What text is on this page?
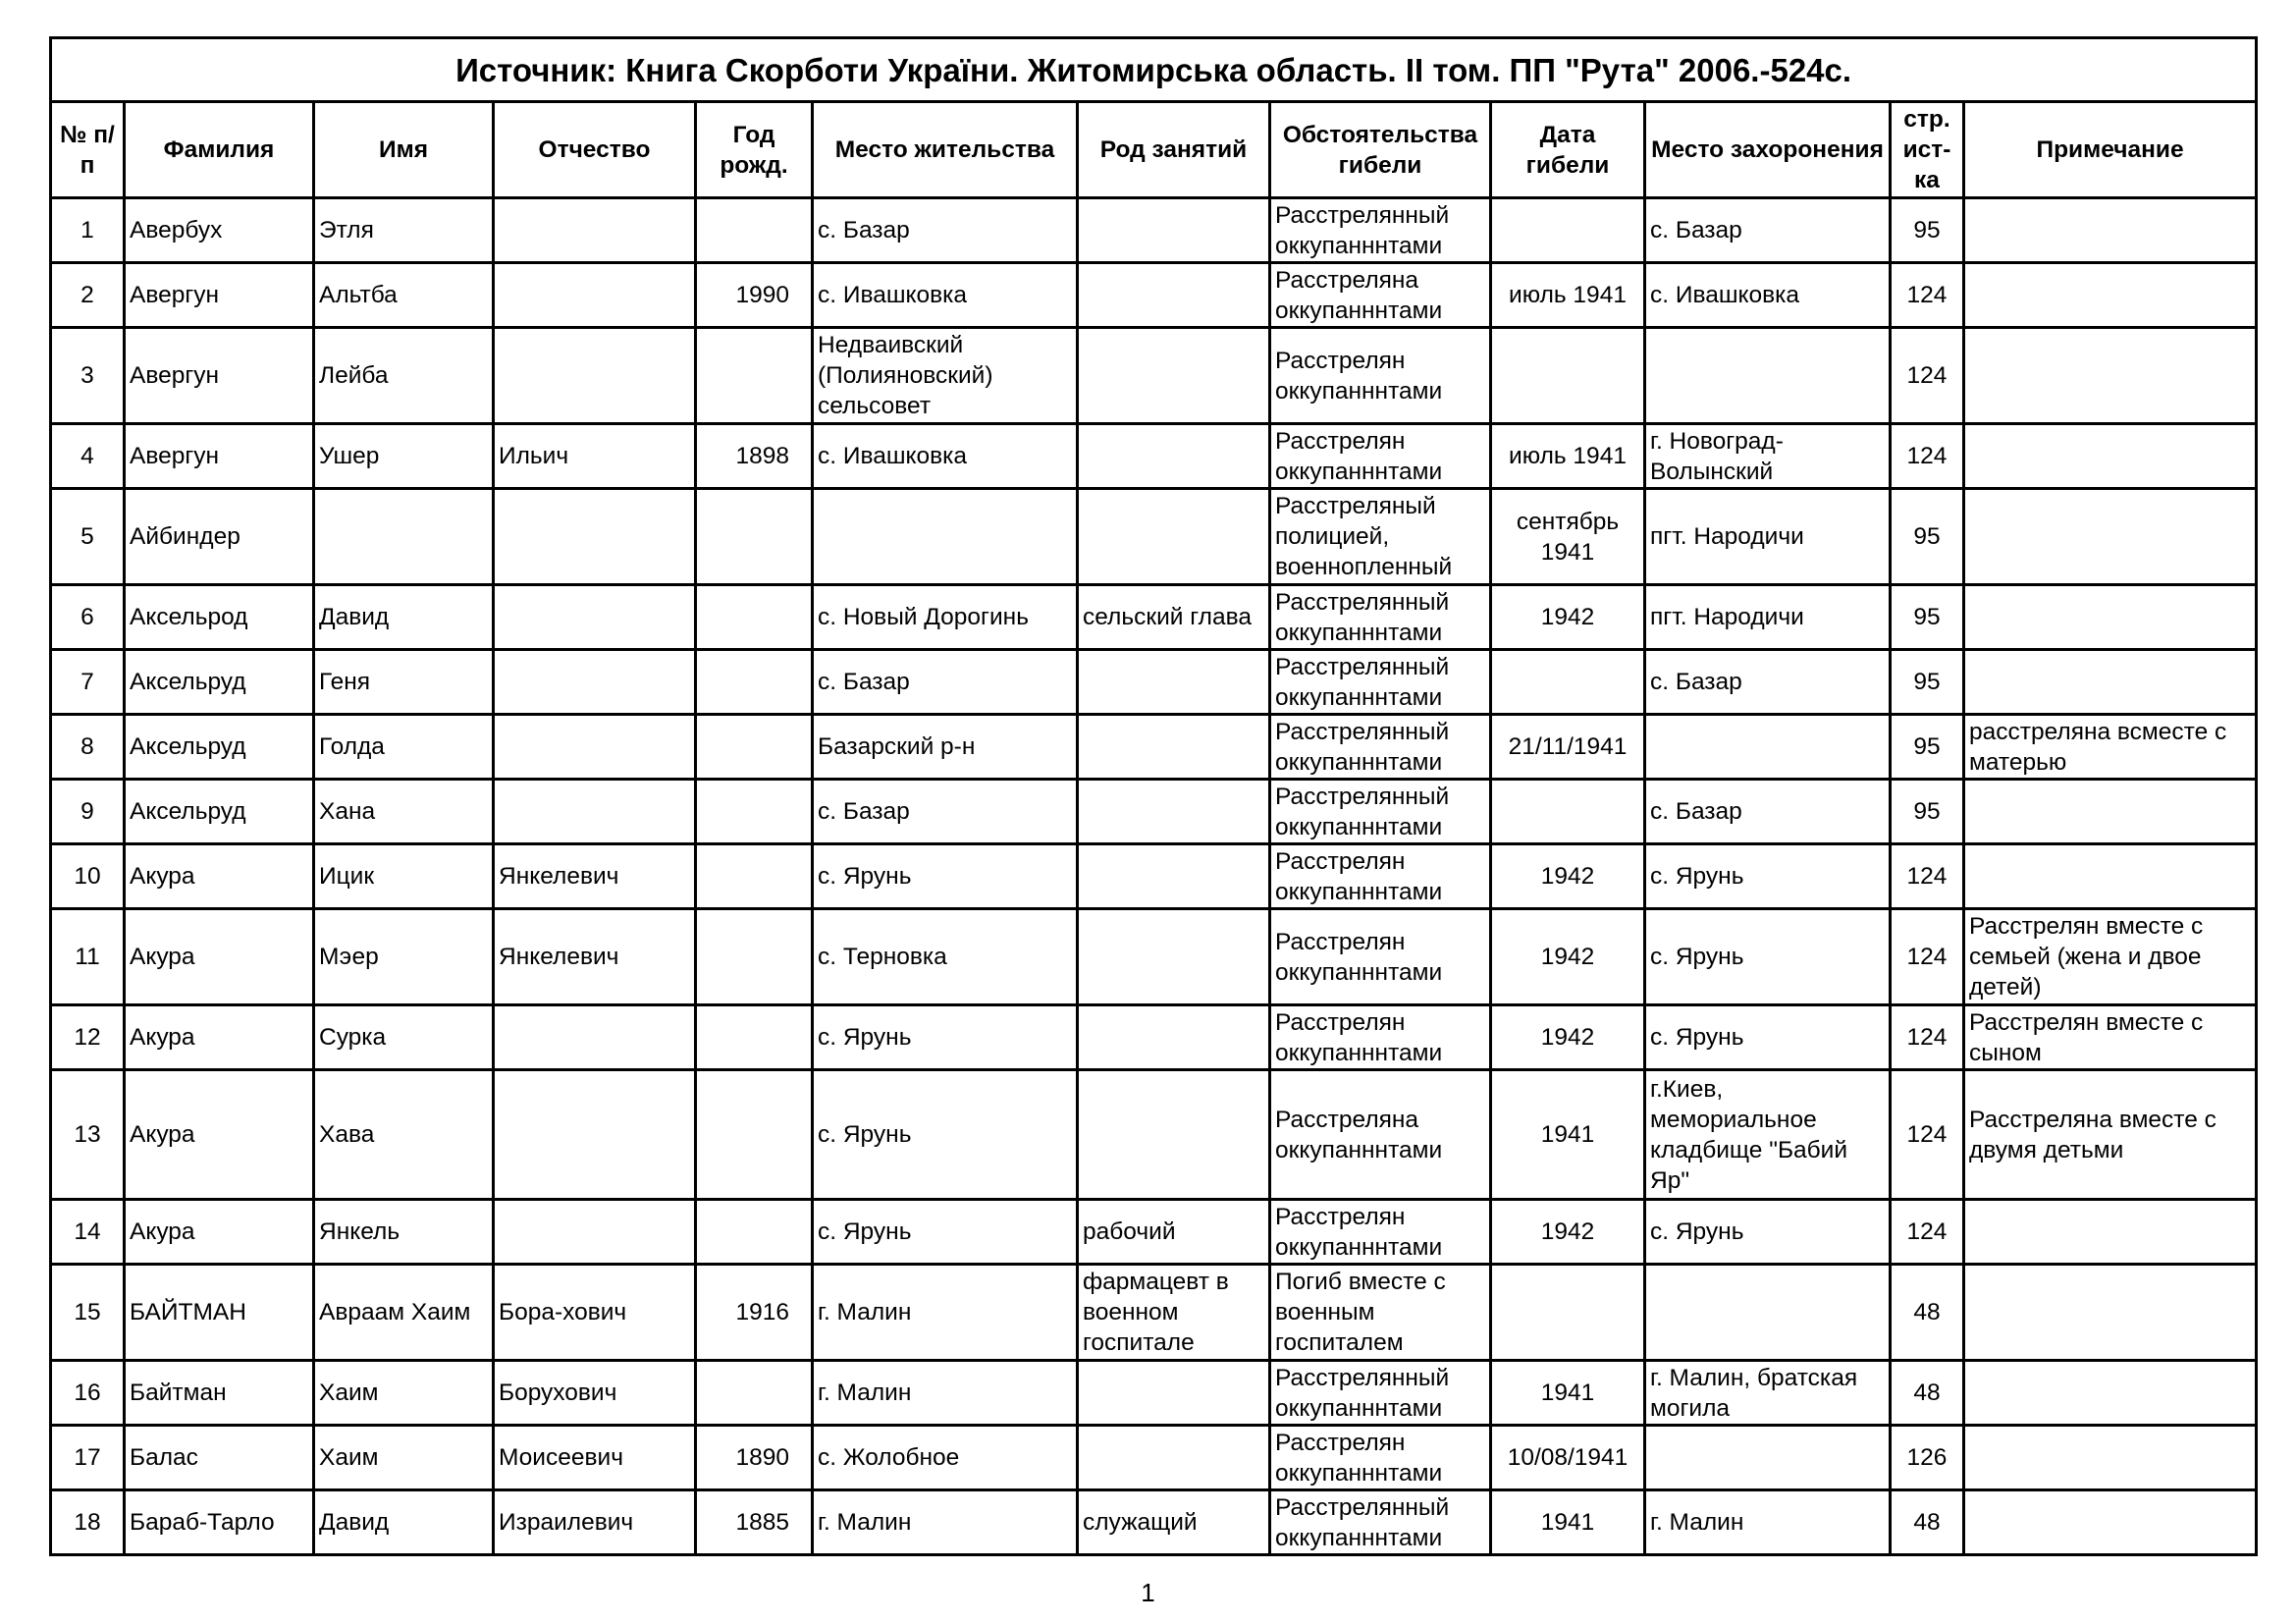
Источник: Книга Скорботи України. Житомирська область. II том. ПП "Рута" 2006.-524с.											
№ п/п	Фамилия	Имя	Отчество	Год рожд.	Место жительства	Род занятий	Обстоятельства гибели	Дата гибели	Место захоронения	стр. ист-ка	Примечание
1	Авербух	Этля			с. Базар		Расстрелянный оккупанннтами		с. Базар	95	
2	Авергун	Альтба		1990	с. Ивашковка		Расстреляна оккупанннтами	июль 1941	с. Ивашковка	124	
3	Авергун	Лейба			Недваивский (Полияновский) сельсовет		Расстрелян оккупанннтами			124	
4	Авергун	Ушер	Ильич	1898	с. Ивашковка		Расстрелян оккупанннтами	июль 1941	г. Новоград-Волынский	124	
5	Айбиндер						Расстреляный полицией, военнопленный	сентябрь 1941	пгт. Народичи	95	
6	Аксельрод	Давид			с. Новый Дорогинь	сельский глава	Расстрелянный оккупанннтами	1942	пгт. Народичи	95	
7	Аксельруд	Геня			с. Базар		Расстрелянный оккупанннтами		с. Базар	95	
8	Аксельруд	Голда			Базарский р-н		Расстрелянный оккупанннтами	21/11/1941		95	расстреляна всместе с матерью
9	Аксельруд	Хана			с. Базар		Расстрелянный оккупанннтами		с. Базар	95	
10	Акура	Ицик	Янкелевич		с. Ярунь		Расстрелян оккупанннтами	1942	с. Ярунь	124	
11	Акура	Мэер	Янкелевич		с. Терновка		Расстрелян оккупанннтами	1942	с. Ярунь	124	Расстрелян вместе с семьей (жена и двое детей)
12	Акура	Сурка			с. Ярунь		Расстрелян оккупанннтами	1942	с. Ярунь	124	Расстрелян вместе с сыном
13	Акура	Хава			с. Ярунь		Расстреляна оккупанннтами	1941	г.Киев, мемориальное кладбище "Бабий Яр"	124	Расстреляна вместе с двумя детьми
14	Акура	Янкель			с. Ярунь	рабочий	Расстрелян оккупанннтами	1942	с. Ярунь	124	
15	БАЙТМАН	Авраам Хаим	Бора-хович	1916	г. Малин	фармацевт в военном госпитале	Погиб вместе с военным госпиталем			48	
16	Байтман	Хаим	Борухович		г. Малин		Расстрелянный оккупанннтами	1941	г. Малин, братская могила	48	
17	Балас	Хаим	Моисеевич	1890	с. Жолобное		Расстрелян оккупанннтами	10/08/1941		126	
18	Бараб-Тарло	Давид	Израилевич	1885	г. Малин	служащий	Расстрелянный оккупанннтами	1941	г. Малин	48	
1
